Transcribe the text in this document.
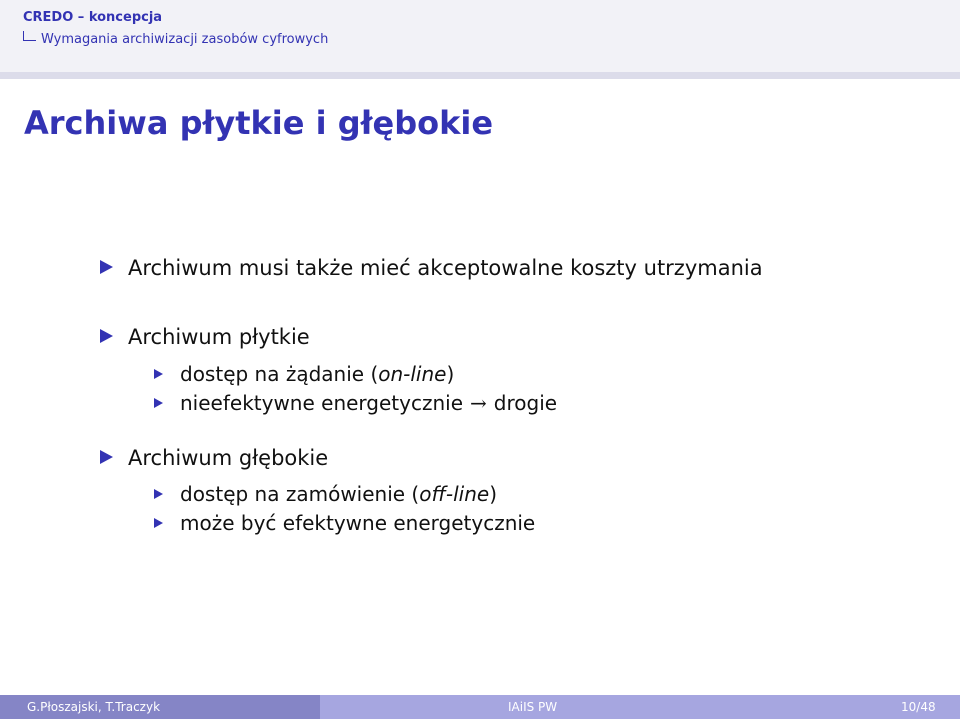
CREDO – koncepcja
Wymagania archiwizacji zasobów cyfrowych
Archiwa płytkie i głębokie
Archiwum musi także mieć akceptowalne koszty utrzymania
Archiwum płytkie
dostęp na żądanie (on-line)
nieefektywne energetycznie → drogie
Archiwum głębokie
dostęp na zamówienie (off-line)
może być efektywne energetycznie
G.Płoszajski, T.Traczyk	IAiIS PW	10/48
